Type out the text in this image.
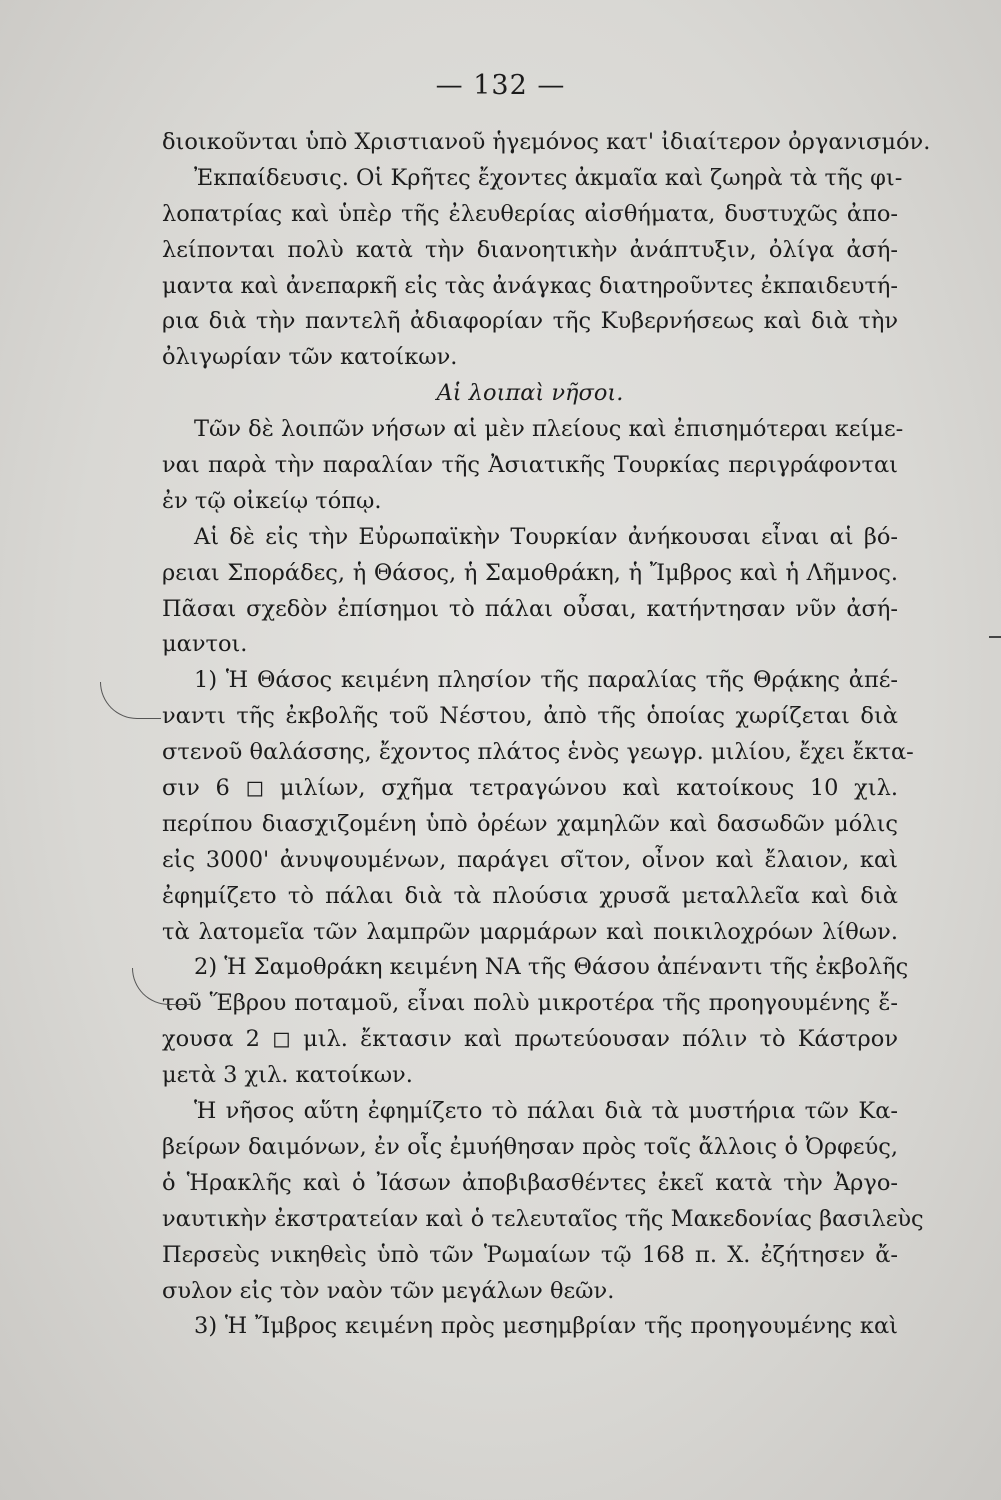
— 132 —
διοικοῦνται ὑπὸ Χριστιανοῦ ἡγεμόνος κατ' ἰδιαίτερον ὀργανισμόν.
Ἐκπαίδευσις. Οἱ Κρῆτες ἔχοντες ἀκμαῖα καὶ ζωηρὰ τὰ τῆς φι-
λοπατρίας καὶ ὑπὲρ τῆς ἐλευθερίας αἰσθήματα, δυστυχῶς ἀπο-
λείπονται πολὺ κατὰ τὴν διανοητικὴν ἀνάπτυξιν, ὀλίγα ἀσή-
μαντα καὶ ἀνεπαρκῆ εἰς τὰς ἀνάγκας διατηροῦντες ἐκπαιδευτή-
ρια διὰ τὴν παντελῆ ἀδιαφορίαν τῆς Κυβερνήσεως καὶ διὰ τὴν
ὀλιγωρίαν τῶν κατοίκων.
Αἱ λοιπαὶ νῆσοι.
Τῶν δὲ λοιπῶν νήσων αἱ μὲν πλείους καὶ ἐπισημότεραι κείμε-
ναι παρὰ τὴν παραλίαν τῆς Ἀσιατικῆς Τουρκίας περιγράφονται
ἐν τῷ οἰκείῳ τόπῳ.
Αἱ δὲ εἰς τὴν Εὐρωπαϊκὴν Τουρκίαν ἀνήκουσαι εἶναι αἱ βό-
ρειαι Σποράδες, ἡ Θάσος, ἡ Σαμοθράκη, ἡ Ἴμβρος καὶ ἡ Λῆμνος.
Πᾶσαι σχεδὸν ἐπίσημοι τὸ πάλαι οὖσαι, κατήντησαν νῦν ἀσή-
μαντοι.
1) Ἡ Θάσος κειμένη πλησίον τῆς παραλίας τῆς Θρᾴκης ἀπέ-
ναντι τῆς ἐκβολῆς τοῦ Νέστου, ἀπὸ τῆς ὁποίας χωρίζεται διὰ
στενοῦ θαλάσσης, ἔχοντος πλάτος ἑνὸς γεωγρ. μιλίου, ἔχει ἔκτα-
σιν 6 ◻ μιλίων, σχῆμα τετραγώνου καὶ κατοίκους 10 χιλ.
περίπου διασχιζομένη ὑπὸ ὀρέων χαμηλῶν καὶ δασωδῶν μόλις
εἰς 3000' ἀνυψουμένων, παράγει σῖτον, οἶνον καὶ ἔλαιον, καὶ
ἐφημίζετο τὸ πάλαι διὰ τὰ πλούσια χρυσᾶ μεταλλεῖα καὶ διὰ
τὰ λατομεῖα τῶν λαμπρῶν μαρμάρων καὶ ποικιλοχρόων λίθων.
2) Ἡ Σαμοθράκη κειμένη ΝΑ τῆς Θάσου ἀπέναντι τῆς ἐκβολῆς
τοῦ Ἕβρου ποταμοῦ, εἶναι πολὺ μικροτέρα τῆς προηγουμένης ἔ-
χουσα 2 ◻ μιλ. ἔκτασιν καὶ πρωτεύουσαν πόλιν τὸ Κάστρον
μετὰ 3 χιλ. κατοίκων.
Ἡ νῆσος αὕτη ἐφημίζετο τὸ πάλαι διὰ τὰ μυστήρια τῶν Κα-
βείρων δαιμόνων, ἐν οἷς ἐμυήθησαν πρὸς τοῖς ἄλλοις ὁ Ὀρφεύς,
ὁ Ἡρακλῆς καὶ ὁ Ἰάσων ἀποβιβασθέντες ἐκεῖ κατὰ τὴν Ἀργο-
ναυτικὴν ἐκστρατείαν καὶ ὁ τελευταῖος τῆς Μακεδονίας βασιλεὺς
Περσεὺς νικηθεὶς ὑπὸ τῶν Ῥωμαίων τῷ 168 π. Χ. ἐζήτησεν ἄ-
συλον εἰς τὸν ναὸν τῶν μεγάλων θεῶν.
3) Ἡ Ἴμβρος κειμένη πρὸς μεσημβρίαν τῆς προηγουμένης καὶ
